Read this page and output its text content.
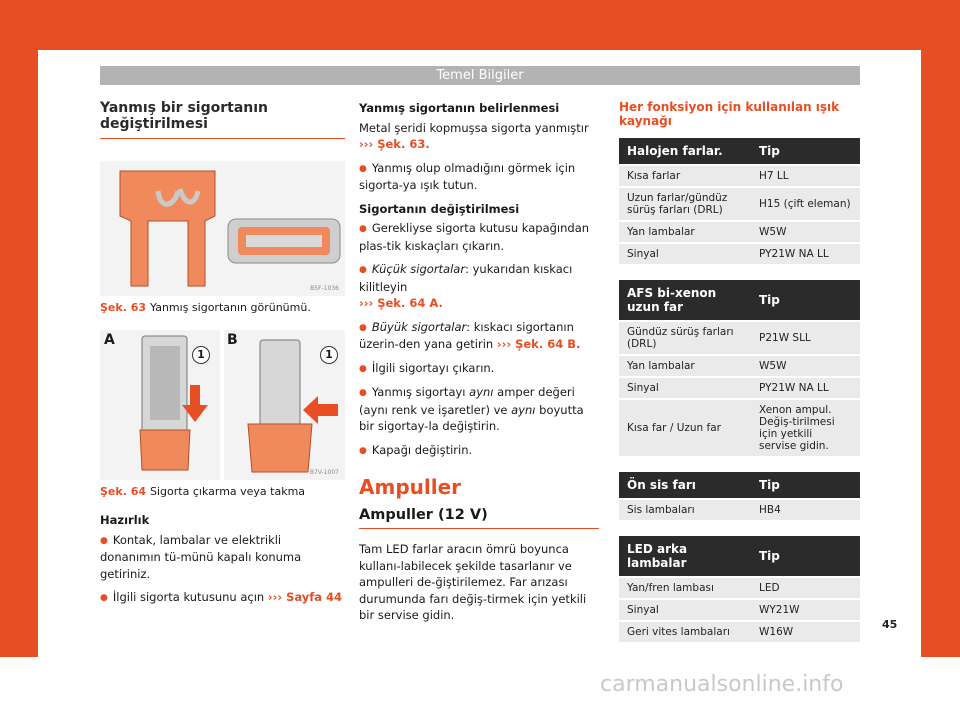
Temel Bilgiler
Yanmış bir sigortanın değiştirilmesi
B5F-1036
Şek. 63 Yanmış sigortanın görünümü.
A	B
1	1
B7V-1007
Şek. 64 Sigorta çıkarma veya takma
Hazırlık
● Kontak, lambalar ve elektrikli donanımın tü-münü kapalı konuma getiriniz.
● İlgili sigorta kutusunu açın ››› Sayfa 44
Yanmış sigortanın belirlenmesi
Metal şeridi kopmuşsa sigorta yanmıştır
››› Şek. 63.
● Yanmış olup olmadığını görmek için sigorta-ya ışık tutun.
Sigortanın değiştirilmesi
● Gerekliyse sigorta kutusu kapağından plas-tik kıskaçları çıkarın.
● Küçük sigortalar: yukarıdan kıskacı kilitleyin
››› Şek. 64 A.
● Büyük sigortalar: kıskacı sigortanın üzerin-den yana getirin ››› Şek. 64 B.
● İlgili sigortayı çıkarın.
● Yanmış sigortayı aynı amper değeri (aynı renk ve işaretler) ve aynı boyutta bir sigortay-la değiştirin.
● Kapağı değiştirin.
Ampuller
Ampuller (12 V)
Tam LED farlar aracın ömrü boyunca kullanı-labilecek şekilde tasarlanır ve ampulleri de-ğiştirilemez. Far arızası durumunda farı değiş-tirmek için yetkili bir servise gidin.
Her fonksiyon için kullanılan ışık kaynağı
Halojen farlar.	Tip
Kısa farlar	H7 LL
Uzun farlar/gündüz sürüş farları (DRL)	H15 (çift eleman)
Yan lambalar	W5W
Sinyal	PY21W NA LL
AFS bi-xenon uzun far	Tip
Gündüz sürüş farları (DRL)	P21W SLL
Yan lambalar	W5W
Sinyal	PY21W NA LL
Kısa far / Uzun far	Xenon ampul. Değiş-tirilmesi için yetkili servise gidin.
Ön sis farı	Tip
Sis lambaları	HB4
LED arka lambalar	Tip
Yan/fren lambası	LED
Sinyal	WY21W
Geri vites lambaları	W16W
45
carmanualsonline.info
